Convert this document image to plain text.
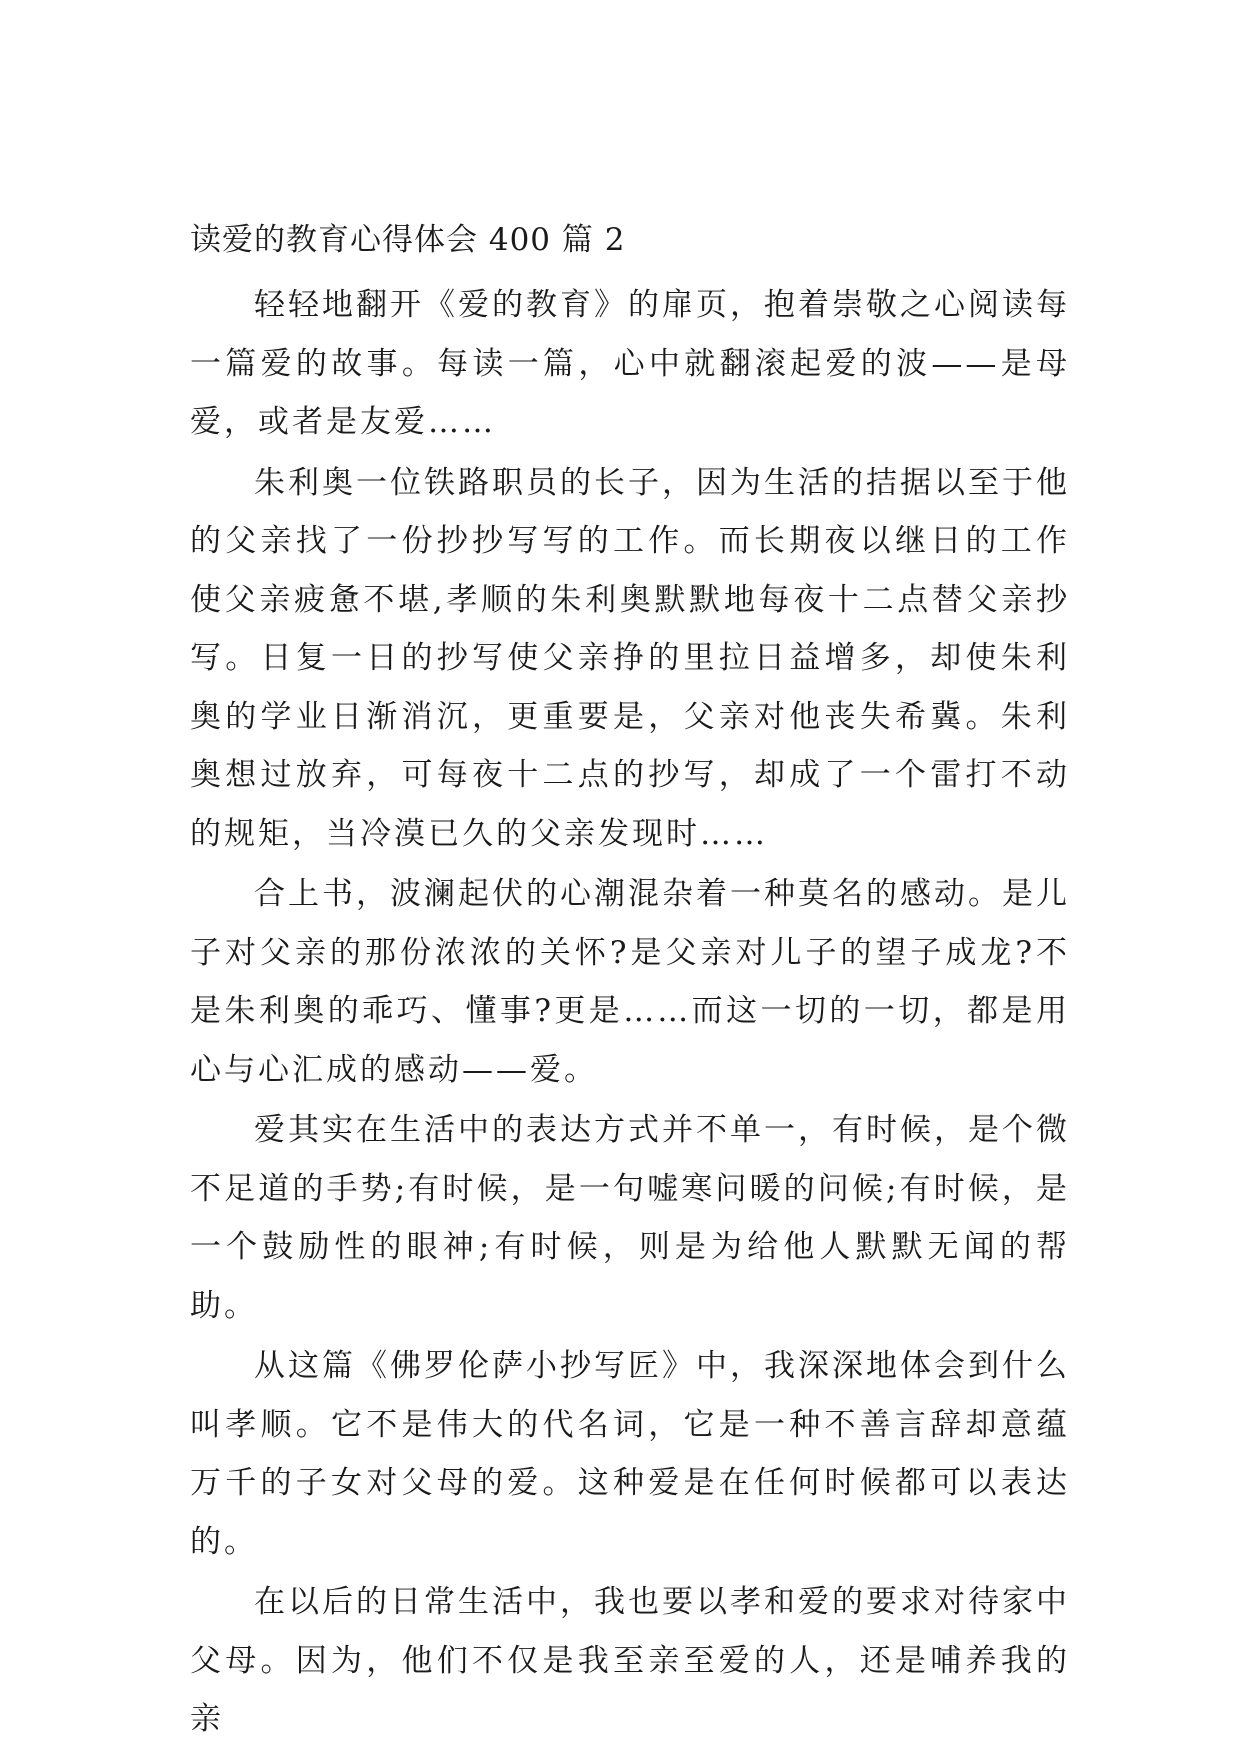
读爱的教育心得体会 400 篇 2

轻轻地翻开《爱的教育》的扉页，抱着崇敬之心阅读每一篇爱的故事。每读一篇，心中就翻滚起爱的波——是母爱，或者是友爱……

朱利奥一位铁路职员的长子，因为生活的拮据以至于他的父亲找了一份抄抄写写的工作。而长期夜以继日的工作使父亲疲惫不堪,孝顺的朱利奥默默地每夜十二点替父亲抄写。日复一日的抄写使父亲挣的里拉日益增多，却使朱利奥的学业日渐消沉，更重要是，父亲对他丧失希冀。朱利奥想过放弃，可每夜十二点的抄写，却成了一个雷打不动的规矩，当冷漠已久的父亲发现时……

合上书，波澜起伏的心潮混杂着一种莫名的感动。是儿子对父亲的那份浓浓的关怀?是父亲对儿子的望子成龙?不是朱利奥的乖巧、懂事?更是……而这一切的一切，都是用心与心汇成的感动——爱。

爱其实在生活中的表达方式并不单一，有时候，是个微不足道的手势;有时候，是一句嘘寒问暖的问候;有时候，是一个鼓励性的眼神;有时候，则是为给他人默默无闻的帮助。

从这篇《佛罗伦萨小抄写匠》中，我深深地体会到什么叫孝顺。它不是伟大的代名词，它是一种不善言辞却意蕴万千的子女对父母的爱。这种爱是在任何时候都可以表达的。

在以后的日常生活中，我也要以孝和爱的要求对待家中父母。因为，他们不仅是我至亲至爱的人，还是哺养我的亲
